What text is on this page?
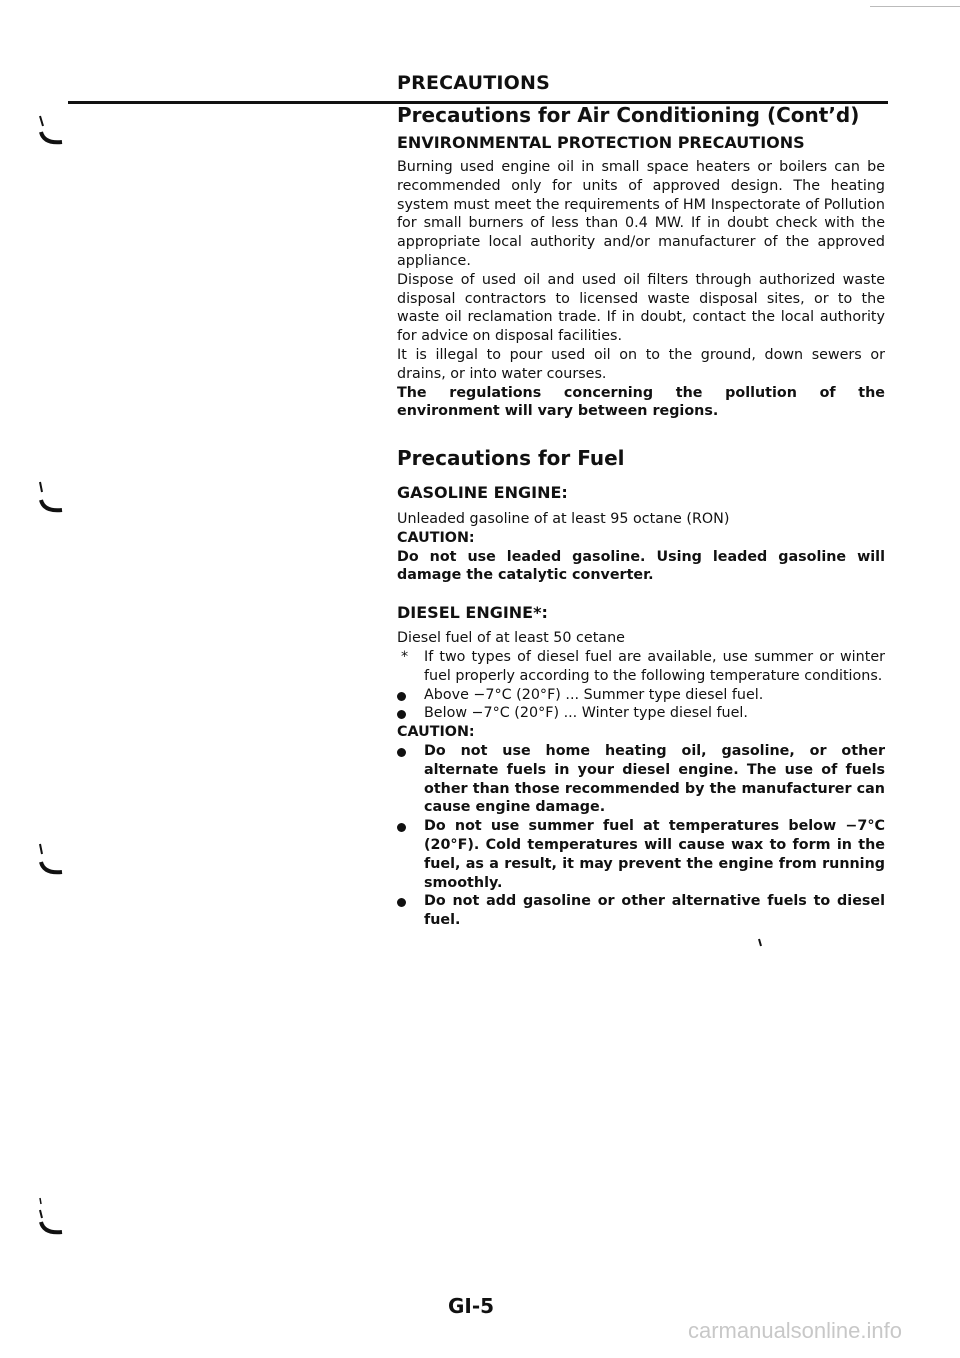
PRECAUTIONS
Precautions for Air Conditioning (Cont’d)
ENVIRONMENTAL PROTECTION PRECAUTIONS
Burning used engine oil in small space heaters or boilers can be recommended only for units of approved design. The heating system must meet the requirements of HM Inspectorate of Pollution for small burners of less than 0.4 MW. If in doubt check with the appropriate local authority and/or manufacturer of the approved appliance.
Dispose of used oil and used oil filters through authorized waste disposal contractors to licensed waste disposal sites, or to the waste oil reclamation trade. If in doubt, contact the local authority for advice on disposal facilities.
It is illegal to pour used oil on to the ground, down sewers or drains, or into water courses.
The regulations concerning the pollution of the environment will vary between regions.
Precautions for Fuel
GASOLINE ENGINE:
Unleaded gasoline of at least 95 octane (RON)
CAUTION:
Do not use leaded gasoline. Using leaded gasoline will damage the catalytic converter.
DIESEL ENGINE*:
Diesel fuel of at least 50 cetane
* If two types of diesel fuel are available, use summer or winter fuel properly according to the following temperature conditions.
Above −7°C (20°F) ... Summer type diesel fuel.
Below −7°C (20°F) ... Winter type diesel fuel.
CAUTION:
Do not use home heating oil, gasoline, or other alternate fuels in your diesel engine. The use of fuels other than those recommended by the manufacturer can cause engine damage.
Do not use summer fuel at temperatures below −7°C (20°F). Cold temperatures will cause wax to form in the fuel, as a result, it may prevent the engine from running smoothly.
Do not add gasoline or other alternative fuels to diesel fuel.
GI-5
carmanualsonline.info
